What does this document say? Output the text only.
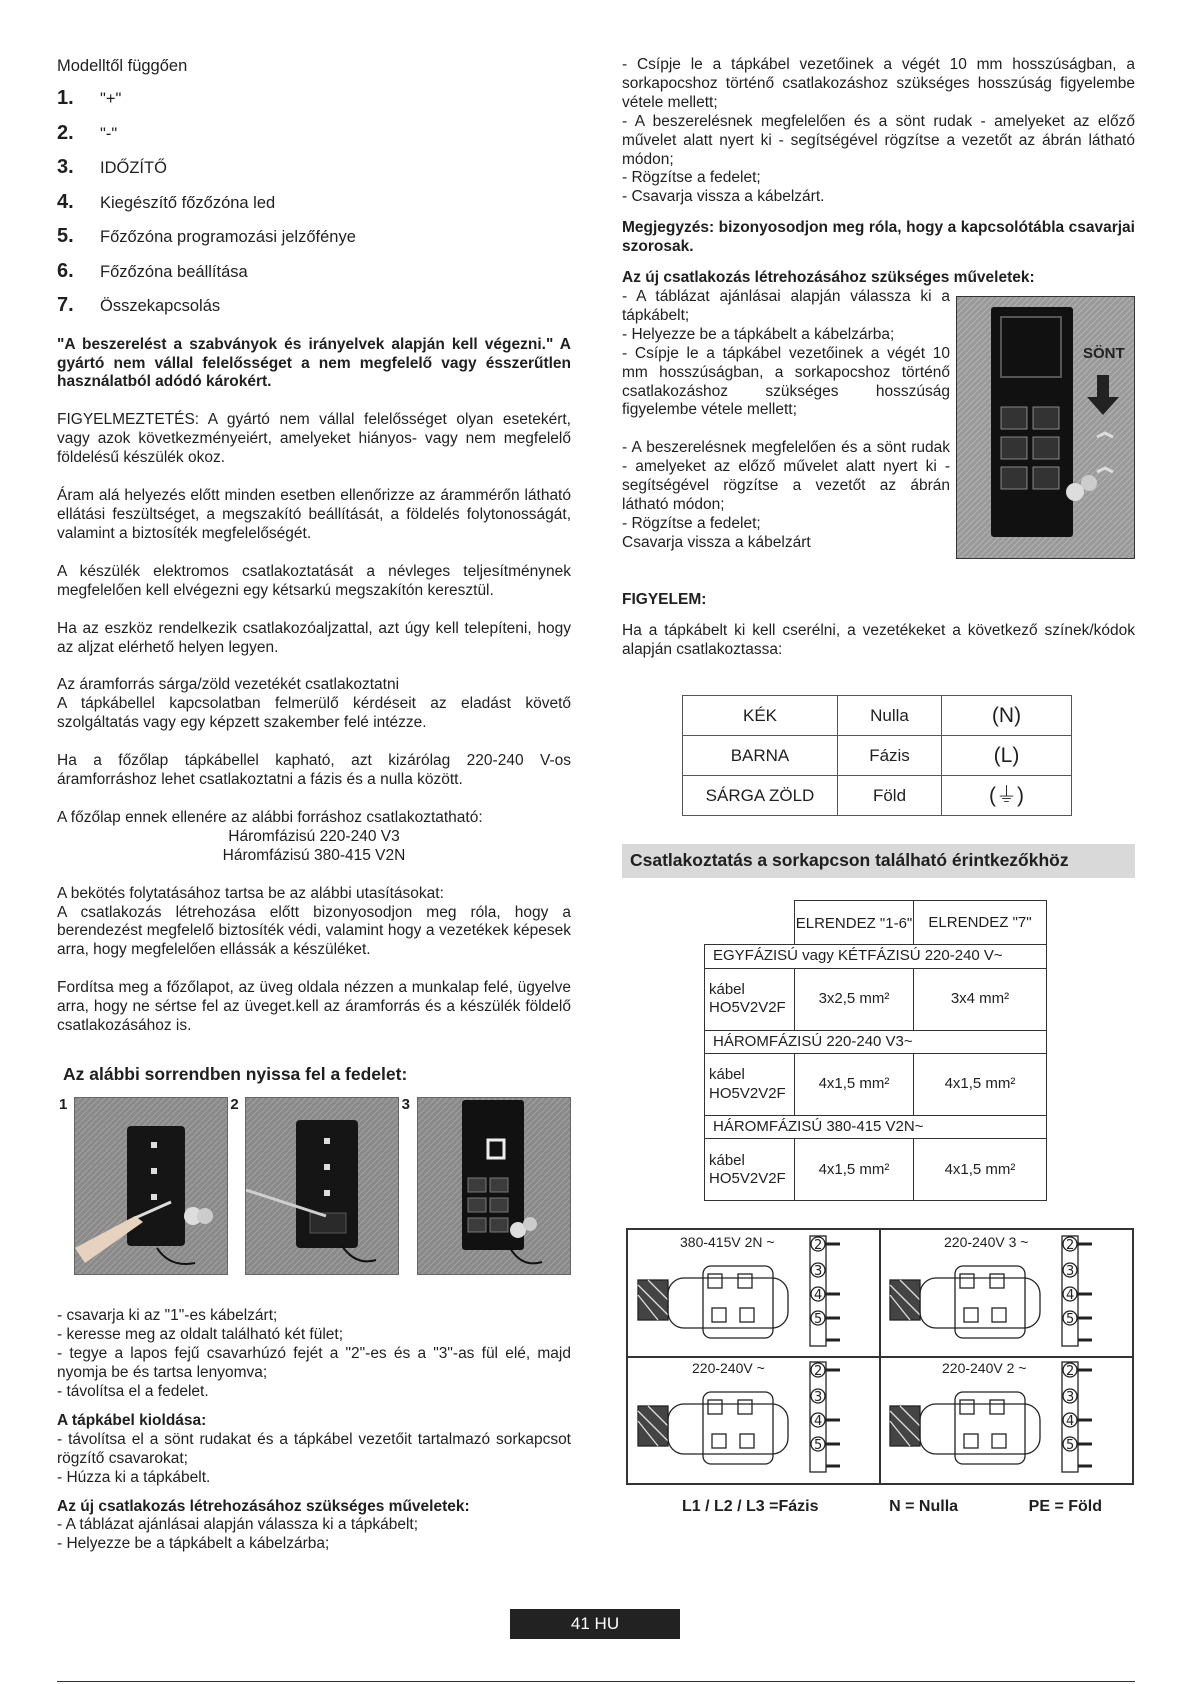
Modelltől függően

1.	"+"
2.	"-"
3.	IDŐZÍTŐ
4.	Kiegészítő főzőzóna led
5.	Főzőzóna programozási jelzőfénye
6.	Főzőzóna beállítása
7.	Összekapcsolás

"A beszerelést a szabványok és irányelvek alapján kell végezni." A gyártó nem vállal felelősséget a nem megfelelő vagy ésszerűtlen használatból adódó károkért.

FIGYELMEZTETÉS: A gyártó nem vállal felelősséget olyan esetekért, vagy azok következményeiért, amelyeket hiányos- vagy nem megfelelő földelésű készülék okoz.

Áram alá helyezés előtt minden esetben ellenőrizze az árammérőn látható ellátási feszültséget, a megszakító beállítását, a földelés folytonosságát, valamint a biztosíték megfelelőségét.

A készülék elektromos csatlakoztatását a névleges teljesítménynek megfelelően kell elvégezni egy kétsarkú megszakítón keresztül.

Ha az eszköz rendelkezik csatlakozóaljzattal, azt úgy kell telepíteni, hogy az aljzat elérhető helyen legyen.

Az áramforrás sárga/zöld vezetékét csatlakoztatni

A tápkábellel kapcsolatban felmerülő kérdéseit az eladást követő szolgáltatás vagy egy képzett szakember felé intézze.

Ha a főzőlap tápkábellel kapható, azt kizárólag 220-240 V-os áramforráshoz lehet csatlakoztatni a fázis és a nulla között.

A főzőlap ennek ellenére az alábbi forráshoz csatlakoztatható:

Háromfázisú 220-240 V3

Háromfázisú 380-415 V2N

A bekötés folytatásához tartsa be az alábbi utasításokat:

A csatlakozás létrehozása előtt bizonyosodjon meg róla, hogy a berendezést megfelelő biztosíték védi, valamint hogy a vezetékek képesek arra, hogy megfelelően ellássák a készüléket.

Fordítsa meg a főzőlapot, az üveg oldala nézzen a munkalap felé, ügyelve arra, hogy ne sértse fel az üveget.kell az áramforrás és a készülék földelő csatlakozásához is.

Az alábbi sorrendben nyissa fel a fedelet:
1	2	3

- csavarja ki az "1"-es kábelzárt;

- keresse meg az oldalt található két fület;

- tegye a lapos fejű csavarhúzó fejét a "2"-es és a "3"-as fül elé, majd nyomja be és tartsa lenyomva;

- távolítsa el a fedelet.

A tápkábel kioldása:

- távolítsa el a sönt rudakat és a tápkábel vezetőit tartalmazó sorkapcsot rögzítő csavarokat;

- Húzza ki a tápkábelt.

Az új csatlakozás létrehozásához szükséges műveletek:

- A táblázat ajánlásai alapján válassza ki a tápkábelt;

- Helyezze be a tápkábelt a kábelzárba;

- Csípje le a tápkábel vezetőinek a végét 10 mm hosszúságban, a sorkapocshoz történő csatlakozáshoz szükséges hosszúság figyelembe vétele mellett;

- A beszerelésnek megfelelően és a sönt rudak - amelyeket az előző művelet alatt nyert ki - segítségével rögzítse a vezetőt az ábrán látható módon;

- Rögzítse a fedelet;

- Csavarja vissza a kábelzárt.

Megjegyzés: bizonyosodjon meg róla, hogy a kapcsolótábla csavarjai szorosak.

Az új csatlakozás létrehozásához szükséges műveletek:

- A táblázat ajánlásai alapján válassza ki a tápkábelt;

- Helyezze be a tápkábelt a kábelzárba;

- Csípje le a tápkábel vezetőinek a végét 10 mm hosszúságban, a sorkapocshoz történő csatlakozáshoz szükséges hosszúság figyelembe vétele mellett;

- A beszerelésnek megfelelően és a sönt rudak - amelyeket az előző művelet alatt nyert ki - segítségével rögzítse a vezetőt az ábrán látható módon;

- Rögzítse a fedelet;

Csavarja vissza a kábelzárt

SÖNT

FIGYELEM:

Ha a tápkábelt ki kell cserélni, a vezetékeket a következő színek/kódok alapján csatlakoztassa:

KÉK	Nulla	(N)
BARNA	Fázis	(L)
SÁRGA ZÖLD	Föld	(⏚)
Csatlakoztatás a sorkapcson található érintkezőkhöz
	ELRENDEZ "1-6"	ELRENDEZ "7"
EGYFÁZISÚ vagy KÉTFÁZISÚ 220-240 V~		
kábel HO5V2V2F	3x2,5 mm²	3x4 mm²
HÁROMFÁZISÚ 220-240 V3~		
kábel HO5V2V2F	4x1,5 mm²	4x1,5 mm²
HÁROMFÁZISÚ 380-415 V2N~		
kábel HO5V2V2F	4x1,5 mm²	4x1,5 mm²
2
3
4
5
380-415V 2N ~	220-240V 3 ~
220-240V ~	220-240V 2 ~
L1 / L2 / L3 =Fázis	N = Nulla	PE = Föld
41 HU
